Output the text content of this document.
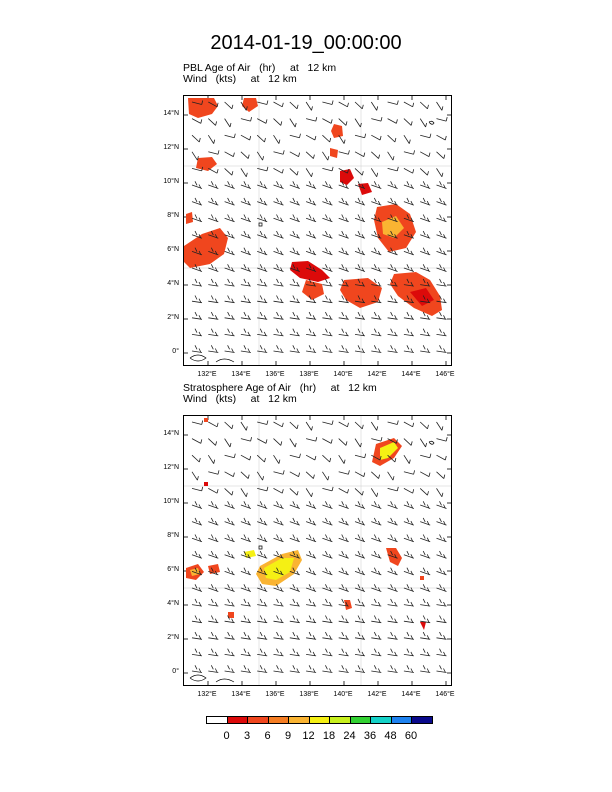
2014-01-19_00:00:00
PBL Age of Air   (hr)     at   12 km
Wind   (kts)     at   12 km
Stratosphere Age of Air   (hr)     at   12 km
Wind   (kts)     at   12 km
14°N
12°N
10°N
8°N
6°N
4°N
2°N
0°
132°E	134°E	136°E	138°E	140°E	142°E	144°E	146°E
14°N
12°N
10°N
8°N
6°N
4°N
2°N
0°
132°E	134°E	136°E	138°E	140°E	142°E	144°E	146°E
0	3	6	9	12 18 24 36 48 60
